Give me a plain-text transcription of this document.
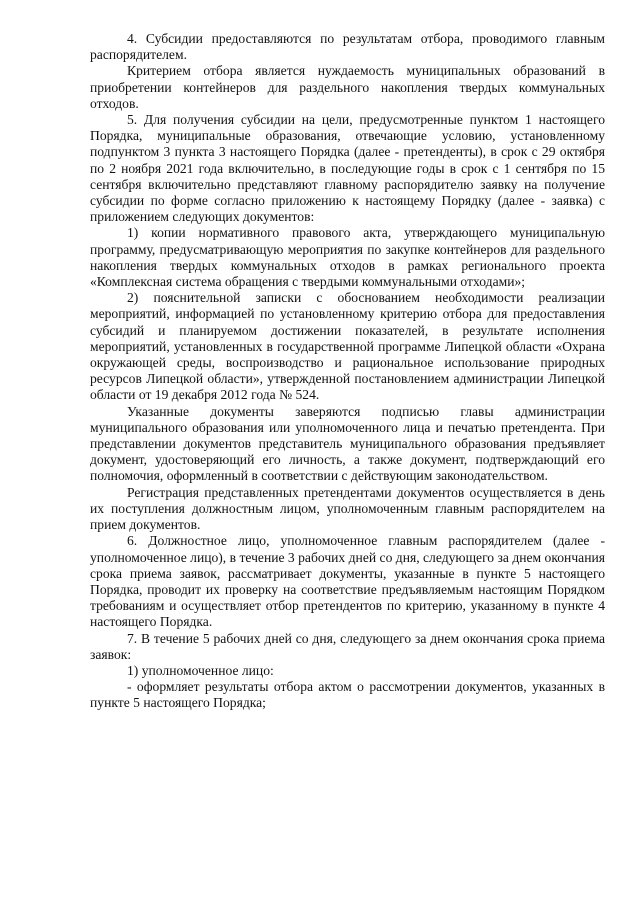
4. Субсидии предоставляются по результатам отбора, проводимого главным распорядителем.

Критерием отбора является нуждаемость муниципальных образований в приобретении контейнеров для раздельного накопления твердых коммунальных отходов.

5. Для получения субсидии на цели, предусмотренные пунктом 1 настоящего Порядка, муниципальные образования, отвечающие условию, установленному подпунктом 3 пункта 3 настоящего Порядка (далее - претенденты), в срок с 29 октября по 2 ноября 2021 года включительно, в последующие годы в срок с 1 сентября по 15 сентября включительно представляют главному распорядителю заявку на получение субсидии по форме согласно приложению к настоящему Порядку (далее - заявка) с приложением следующих документов:

1) копии нормативного правового акта, утверждающего муниципальную программу, предусматривающую мероприятия по закупке контейнеров для раздельного накопления твердых коммунальных отходов в рамках регионального проекта «Комплексная система обращения с твердыми коммунальными отходами»;

2) пояснительной записки с обоснованием необходимости реализации мероприятий, информацией по установленному критерию отбора для предоставления субсидий и планируемом достижении показателей, в результате исполнения мероприятий, установленных в государственной программе Липецкой области «Охрана окружающей среды, воспроизводство и рациональное использование природных ресурсов Липецкой области», утвержденной постановлением администрации Липецкой области от 19 декабря 2012 года № 524.

Указанные документы заверяются подписью главы администрации муниципального образования или уполномоченного лица и печатью претендента. При представлении документов представитель муниципального образования предъявляет документ, удостоверяющий его личность, а также документ, подтверждающий его полномочия, оформленный в соответствии с действующим законодательством.

Регистрация представленных претендентами документов осуществляется в день их поступления должностным лицом, уполномоченным главным распорядителем на прием документов.

6. Должностное лицо, уполномоченное главным распорядителем (далее - уполномоченное лицо), в течение 3 рабочих дней со дня, следующего за днем окончания срока приема заявок, рассматривает документы, указанные в пункте 5 настоящего Порядка, проводит их проверку на соответствие предъявляемым настоящим Порядком требованиям и осуществляет отбор претендентов по критерию, указанному в пункте 4 настоящего Порядка.

7. В течение 5 рабочих дней со дня, следующего за днем окончания срока приема заявок:

1) уполномоченное лицо:

- оформляет результаты отбора актом о рассмотрении документов, указанных в пункте 5 настоящего Порядка;
